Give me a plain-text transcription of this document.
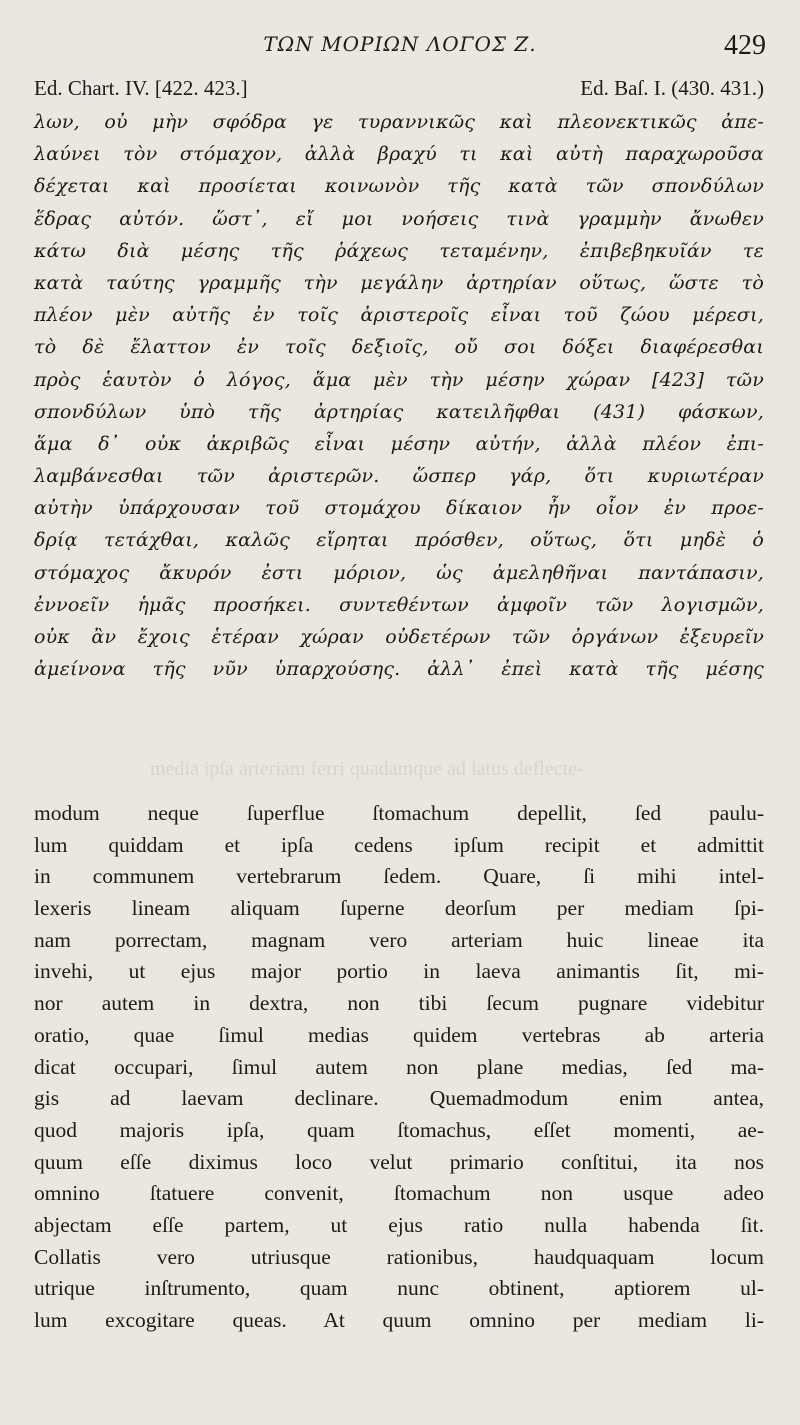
ΤΩΝ ΜΟΡΙΩΝ ΛΟΓΟΣ Ζ.	429
Ed. Chart. IV. [422. 423.]	Ed. Baſ. I. (430. 431.)
λων, οὐ μὴν σφόδρα γε τυραννικῶς καὶ πλεονεκτικῶς ἀπε-
λαύνει τὸν στόμαχον, ἀλλὰ βραχύ τι καὶ αὐτὴ παραχωροῦσα
δέχεται καὶ προσίεται κοινωνὸν τῆς κατὰ τῶν σπονδύλων
ἕδρας αὐτόν. ὥστ᾿, εἴ μοι νοήσεις τινὰ γραμμὴν ἄνωθεν
κάτω διὰ μέσης τῆς ῥάχεως τεταμένην, ἐπιβεβηκυῖάν τε
κατὰ ταύτης γραμμῆς τὴν μεγάλην ἀρτηρίαν οὕτως, ὥστε τὸ
πλέον μὲν αὐτῆς ἐν τοῖς ἀριστεροῖς εἶναι τοῦ ζώου μέρεσι,
τὸ δὲ ἔλαττον ἐν τοῖς δεξιοῖς, οὔ σοι δόξει διαφέρεσθαι
πρὸς ἑαυτὸν ὁ λόγος, ἅμα μὲν τὴν μέσην χώραν [423] τῶν
σπονδύλων ὑπὸ τῆς ἀρτηρίας κατειλῆφθαι (431) φάσκων,
ἅμα δ᾿ οὐκ ἀκριβῶς εἶναι μέσην αὐτήν, ἀλλὰ πλέον ἐπι-
λαμβάνεσθαι τῶν ἀριστερῶν. ὥσπερ γάρ, ὅτι κυριωτέραν
αὐτὴν ὑπάρχουσαν τοῦ στομάχου δίκαιον ἦν οἷον ἐν προε-
δρίᾳ τετάχθαι, καλῶς εἴρηται πρόσθεν, οὕτως, ὅτι μηδὲ ὁ
στόμαχος ἄκυρόν ἐστι μόριον, ὡς ἀμεληθῆναι παντάπασιν,
ἐννοεῖν ἡμᾶς προσήκει. συντεθέντων ἀμφοῖν τῶν λογισμῶν,
οὐκ ἂν ἔχοις ἑτέραν χώραν οὐδετέρων τῶν ὀργάνων ἐξευρεῖν
ἀμείνονα τῆς νῦν ὑπαρχούσης. ἀλλ᾿ ἐπεὶ κατὰ τῆς μέσης
media ipſa arteriam ferri quadamque ad latus deflecte-
modum neque ſuperflue ſtomachum depellit, ſed paulu-
lum quiddam et ipſa cedens ipſum recipit et admittit
in communem vertebrarum ſedem. Quare, ſi mihi intel-
lexeris lineam aliquam ſuperne deorſum per mediam ſpi-
nam porrectam, magnam vero arteriam huic lineae ita
invehi, ut ejus major portio in laeva animantis ſit, mi-
nor autem in dextra, non tibi ſecum pugnare videbitur
oratio, quae ſimul medias quidem vertebras ab arteria
dicat occupari, ſimul autem non plane medias, ſed ma-
gis ad laevam declinare. Quemadmodum enim antea,
quod majoris ipſa, quam ſtomachus, eſſet momenti, ae-
quum eſſe diximus loco velut primario conſtitui, ita nos
omnino ſtatuere convenit, ſtomachum non usque adeo
abjectam eſſe partem, ut ejus ratio nulla habenda ſit.
Collatis vero utriusque rationibus, haudquaquam locum
utrique inſtrumento, quam nunc obtinent, aptiorem ul-
lum excogitare queas. At quum omnino per mediam li-
